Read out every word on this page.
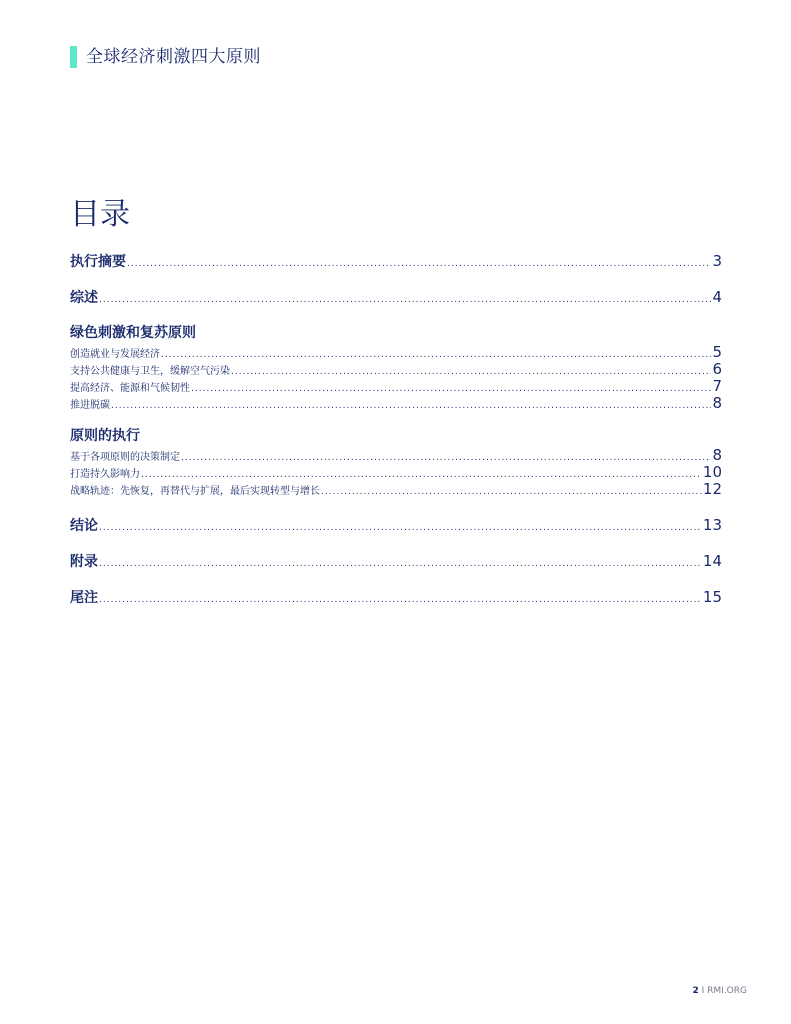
全球经济刺激四大原则
目录
执行摘要 .....	3
综述 .....	4
绿色刺激和复苏原则
创造就业与发展经济 .....	5
支持公共健康与卫生，缓解空气污染 .....	6
提高经济、能源和气候韧性 .....	7
推进脱碳 .....	8
原则的执行
基于各项原则的决策制定 .....	8
打造持久影响力 .....	10
战略轨迹：先恢复，再替代与扩展，最后实现转型与增长 .....	12
结论 .....	13
附录 .....	14
尾注 .....	15
2 I RMI.ORG
